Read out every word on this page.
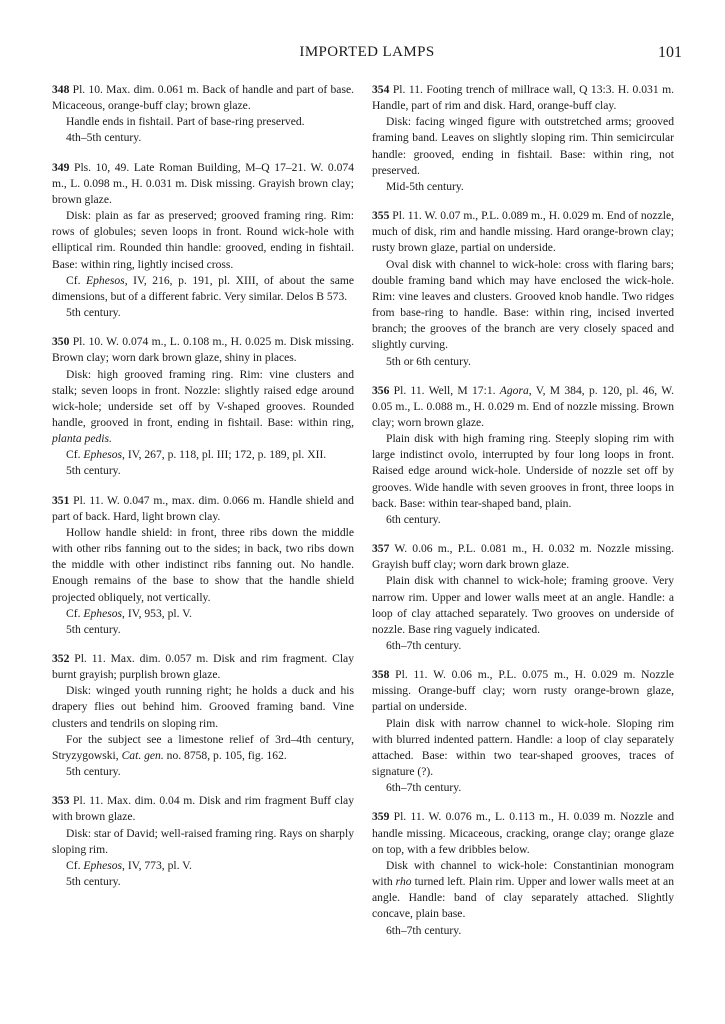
IMPORTED LAMPS	101

348 Pl. 10. Max. dim. 0.061 m. Back of handle and part of base. Micaceous, orange-buff clay; brown glaze.

Handle ends in fishtail. Part of base-ring preserved.

4th–5th century.

349 Pls. 10, 49. Late Roman Building, M–Q 17–21. W. 0.074 m., L. 0.098 m., H. 0.031 m. Disk missing. Grayish brown clay; brown glaze.

Disk: plain as far as preserved; grooved framing ring. Rim: rows of globules; seven loops in front. Round wick-hole with elliptical rim. Rounded thin handle: grooved, ending in fishtail. Base: within ring, lightly incised cross.

Cf. Ephesos, IV, 216, p. 191, pl. XIII, of about the same dimensions, but of a different fabric. Very similar. Delos B 573.

5th century.

350 Pl. 10. W. 0.074 m., L. 0.108 m., H. 0.025 m. Disk missing. Brown clay; worn dark brown glaze, shiny in places.

Disk: high grooved framing ring. Rim: vine clusters and stalk; seven loops in front. Nozzle: slightly raised edge around wick-hole; underside set off by V-shaped grooves. Rounded handle, grooved in front, ending in fishtail. Base: within ring, planta pedis.

Cf. Ephesos, IV, 267, p. 118, pl. III; 172, p. 189, pl. XII.

5th century.

351 Pl. 11. W. 0.047 m., max. dim. 0.066 m. Handle shield and part of back. Hard, light brown clay.

Hollow handle shield: in front, three ribs down the middle with other ribs fanning out to the sides; in back, two ribs down the middle with other indistinct ribs fanning out. No handle. Enough remains of the base to show that the handle shield projected obliquely, not vertically.

Cf. Ephesos, IV, 953, pl. V.

5th century.

352 Pl. 11. Max. dim. 0.057 m. Disk and rim fragment. Clay burnt grayish; purplish brown glaze.

Disk: winged youth running right; he holds a duck and his drapery flies out behind him. Grooved framing band. Vine clusters and tendrils on sloping rim.

For the subject see a limestone relief of 3rd–4th century, Stryzygowski, Cat. gen. no. 8758, p. 105, fig. 162.

5th century.

353 Pl. 11. Max. dim. 0.04 m. Disk and rim fragment Buff clay with brown glaze.

Disk: star of David; well-raised framing ring. Rays on sharply sloping rim.

Cf. Ephesos, IV, 773, pl. V.

5th century.

354 Pl. 11. Footing trench of millrace wall, Q 13:3. H. 0.031 m. Handle, part of rim and disk. Hard, orange-buff clay.

Disk: facing winged figure with outstretched arms; grooved framing band. Leaves on slightly sloping rim. Thin semicircular handle: grooved, ending in fishtail. Base: within ring, not preserved.

Mid-5th century.

355 Pl. 11. W. 0.07 m., P.L. 0.089 m., H. 0.029 m. End of nozzle, much of disk, rim and handle missing. Hard orange-brown clay; rusty brown glaze, partial on underside.

Oval disk with channel to wick-hole: cross with flaring bars; double framing band which may have enclosed the wick-hole. Rim: vine leaves and clusters. Grooved knob handle. Two ridges from base-ring to handle. Base: within ring, incised inverted branch; the grooves of the branch are very closely spaced and slightly curving.

5th or 6th century.

356 Pl. 11. Well, M 17:1. Agora, V, M 384, p. 120, pl. 46, W. 0.05 m., L. 0.088 m., H. 0.029 m. End of nozzle missing. Brown clay; worn brown glaze.

Plain disk with high framing ring. Steeply sloping rim with large indistinct ovolo, interrupted by four long loops in front. Raised edge around wick-hole. Underside of nozzle set off by grooves. Wide handle with seven grooves in front, three loops in back. Base: within tear-shaped band, plain.

6th century.

357 W. 0.06 m., P.L. 0.081 m., H. 0.032 m. Nozzle missing. Grayish buff clay; worn dark brown glaze.

Plain disk with channel to wick-hole; framing groove. Very narrow rim. Upper and lower walls meet at an angle. Handle: a loop of clay attached separately. Two grooves on underside of nozzle. Base ring vaguely indicated.

6th–7th century.

358 Pl. 11. W. 0.06 m., P.L. 0.075 m., H. 0.029 m. Nozzle missing. Orange-buff clay; worn rusty orange-brown glaze, partial on underside.

Plain disk with narrow channel to wick-hole. Sloping rim with blurred indented pattern. Handle: a loop of clay separately attached. Base: within two tear-shaped grooves, traces of signature (?).

6th–7th century.

359 Pl. 11. W. 0.076 m., L. 0.113 m., H. 0.039 m. Nozzle and handle missing. Micaceous, cracking, orange clay; orange glaze on top, with a few dribbles below.

Disk with channel to wick-hole: Constantinian monogram with rho turned left. Plain rim. Upper and lower walls meet at an angle. Handle: band of clay separately attached. Slightly concave, plain base.

6th–7th century.
